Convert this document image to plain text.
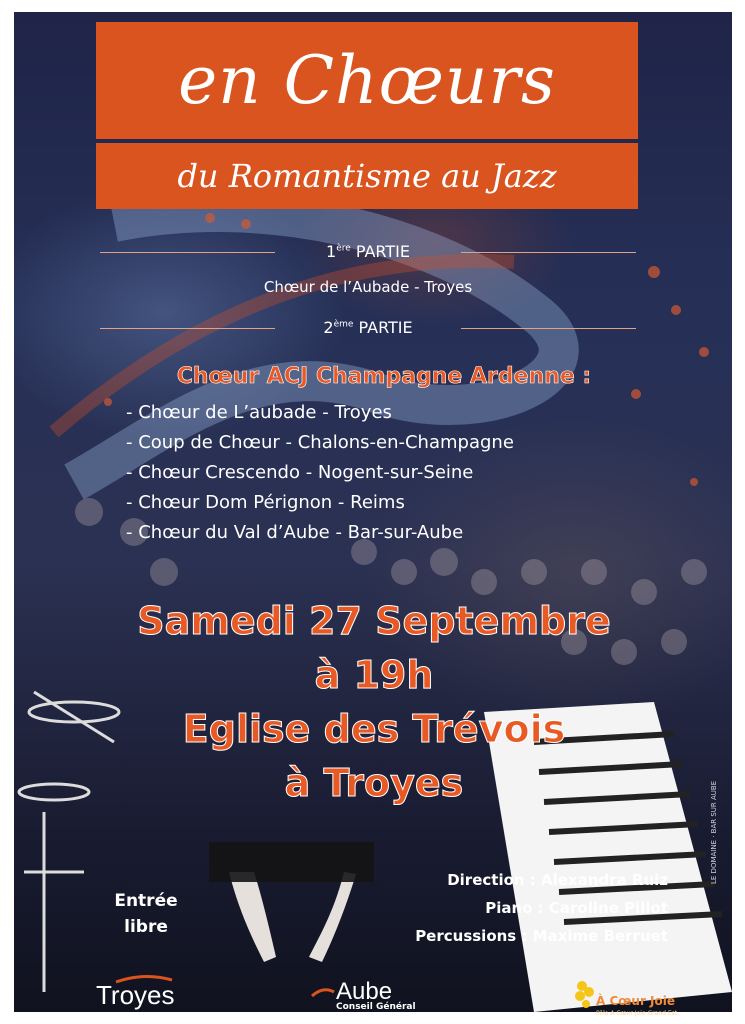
en Chœurs
du Romantisme au Jazz
1ère PARTIE
Chœur de l’Aubade - Troyes
2ème PARTIE
Chœur ACJ Champagne Ardenne :
- Chœur de L’aubade - Troyes
- Coup de Chœur - Chalons-en-Champagne
- Chœur Crescendo - Nogent-sur-Seine
- Chœur Dom Pérignon - Reims
- Chœur du Val d’Aube - Bar-sur-Aube
Samedi 27 Septembre
à 19h
Eglise des Trévois
à Troyes
Entrée
libre
Direction : Alexandra Ruiz
Piano : Caroline Pillot
Percussions : Maxime Berruet
LE DOMAINE · BAR SUR AUBE
Troyes	Aube
Conseil Général	À Cœur Joie
Pôle A Cœur Joie Grand Est
